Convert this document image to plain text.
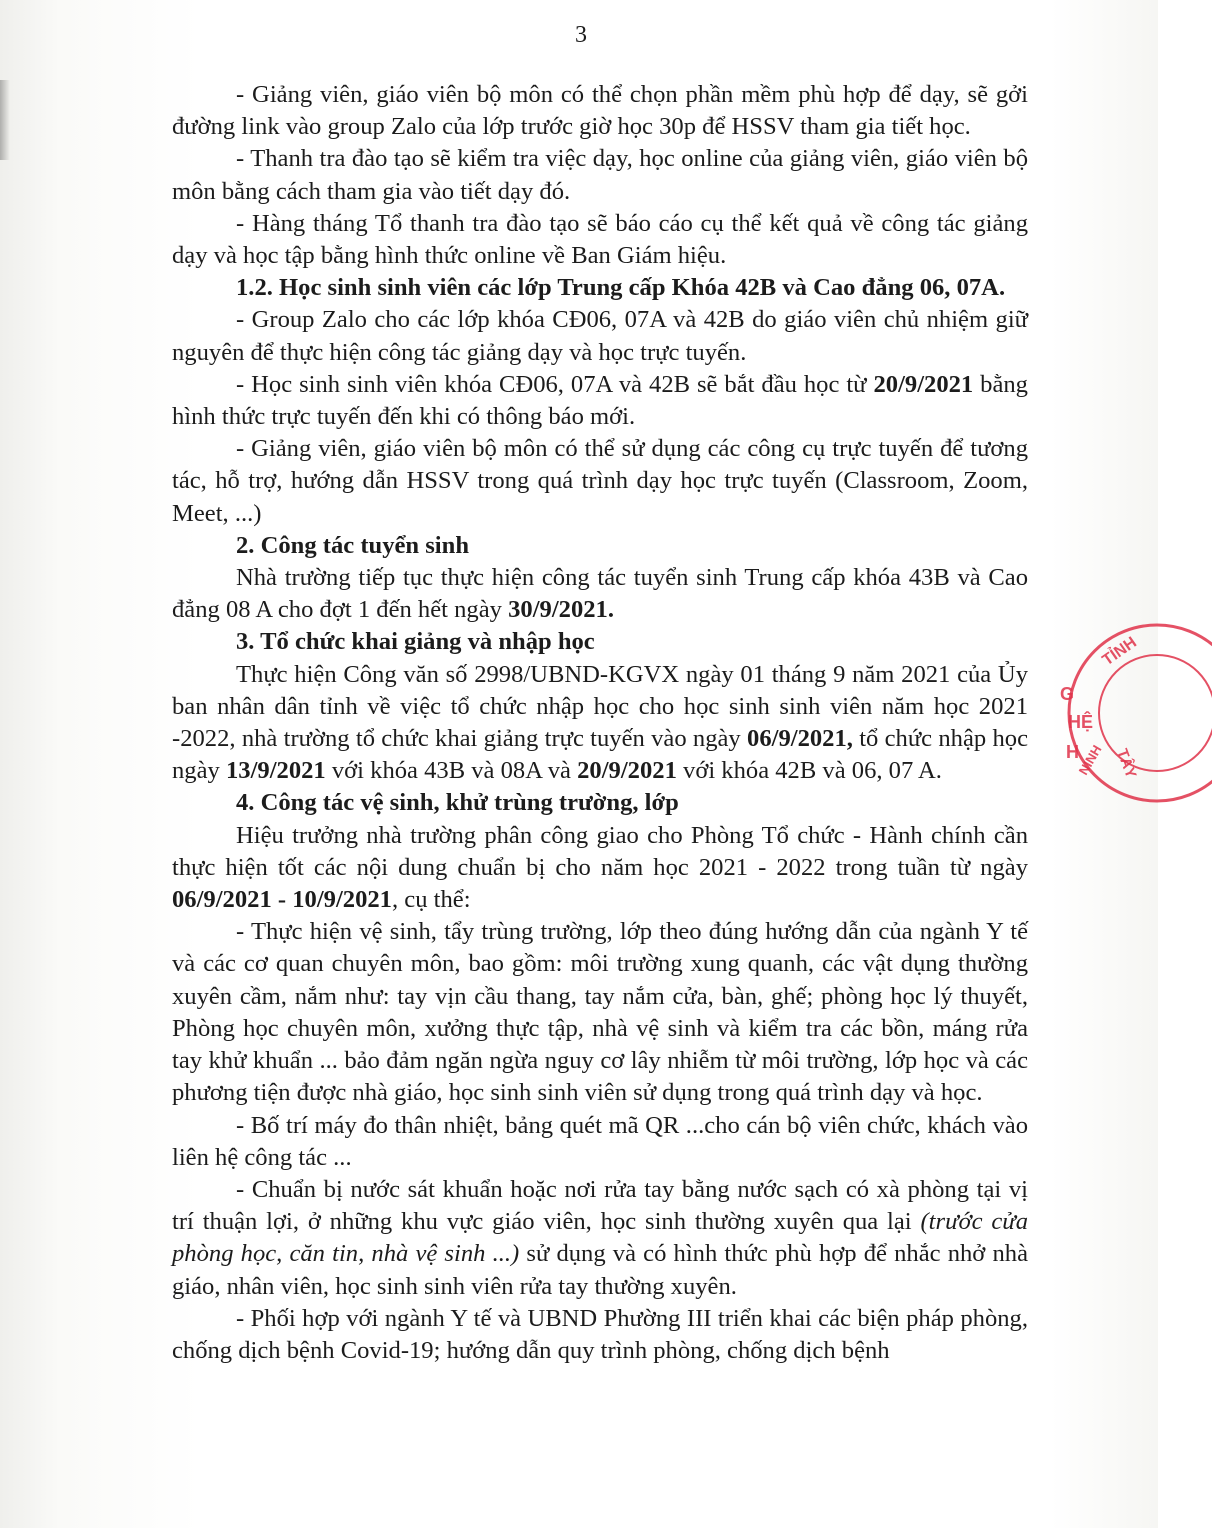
3

- Giảng viên, giáo viên bộ môn có thể chọn phần mềm phù hợp để dạy, sẽ gởi đường link vào group Zalo của lớp trước giờ học 30p để HSSV tham gia tiết học.

- Thanh tra đào tạo sẽ kiểm tra việc dạy, học online của giảng viên, giáo viên bộ môn bằng cách tham gia vào tiết dạy đó.

- Hàng tháng Tổ thanh tra đào tạo sẽ báo cáo cụ thể kết quả về công tác giảng dạy và học tập bằng hình thức online về Ban Giám hiệu.

1.2. Học sinh sinh viên các lớp Trung cấp Khóa 42B và Cao đẳng 06, 07A.

- Group Zalo cho các lớp khóa CĐ06, 07A và 42B do giáo viên chủ nhiệm giữ nguyên để thực hiện công tác giảng dạy và học trực tuyến.

- Học sinh sinh viên khóa CĐ06, 07A và 42B sẽ bắt đầu học từ 20/9/2021 bằng hình thức trực tuyến đến khi có thông báo mới.

- Giảng viên, giáo viên bộ môn có thể sử dụng các công cụ trực tuyến để tương tác, hỗ trợ, hướng dẫn HSSV trong quá trình dạy học trực tuyến (Classroom, Zoom, Meet, ...)

2. Công tác tuyển sinh

Nhà trường tiếp tục thực hiện công tác tuyển sinh Trung cấp khóa 43B và Cao đẳng 08 A cho đợt 1 đến hết ngày 30/9/2021.

3. Tổ chức khai giảng và nhập học

Thực hiện Công văn số 2998/UBND-KGVX ngày 01 tháng 9 năm 2021 của Ủy ban nhân dân tỉnh về việc tổ chức nhập học cho học sinh sinh viên năm học 2021 -2022, nhà trường tổ chức khai giảng trực tuyến vào ngày 06/9/2021, tổ chức nhập học ngày 13/9/2021 với khóa 43B và 08A và 20/9/2021 với khóa 42B và 06, 07 A.

4. Công tác vệ sinh, khử trùng trường, lớp

Hiệu trưởng nhà trường phân công giao cho Phòng Tổ chức - Hành chính cần thực hiện tốt các nội dung chuẩn bị cho năm học 2021 - 2022 trong tuần từ ngày 06/9/2021 - 10/9/2021, cụ thể:

- Thực hiện vệ sinh, tẩy trùng trường, lớp theo đúng hướng dẫn của ngành Y tế và các cơ quan chuyên môn, bao gồm: môi trường xung quanh, các vật dụng thường xuyên cầm, nắm như: tay vịn cầu thang, tay nắm cửa, bàn, ghế; phòng học lý thuyết, Phòng học chuyên môn, xưởng thực tập, nhà vệ sinh và kiểm tra các bồn, máng rửa tay khử khuẩn ... bảo đảm ngăn ngừa nguy cơ lây nhiễm từ môi trường, lớp học và các phương tiện được nhà giáo, học sinh sinh viên sử dụng trong quá trình dạy và học.

- Bố trí máy đo thân nhiệt, bảng quét mã QR ...cho cán bộ viên chức, khách vào liên hệ công tác ...

- Chuẩn bị nước sát khuẩn hoặc nơi rửa tay bằng nước sạch có xà phòng tại vị trí thuận lợi, ở những khu vực giáo viên, học sinh thường xuyên qua lại (trước cửa phòng học, căn tin, nhà vệ sinh ...) sử dụng và có hình thức phù hợp để nhắc nhở nhà giáo, nhân viên, học sinh sinh viên rửa tay thường xuyên.

- Phối hợp với ngành Y tế và UBND Phường III triển khai các biện pháp phòng, chống dịch bệnh Covid-19; hướng dẫn quy trình phòng, chống dịch bệnh

TỈNH
TÂY
G
HỆ
H
NINH
